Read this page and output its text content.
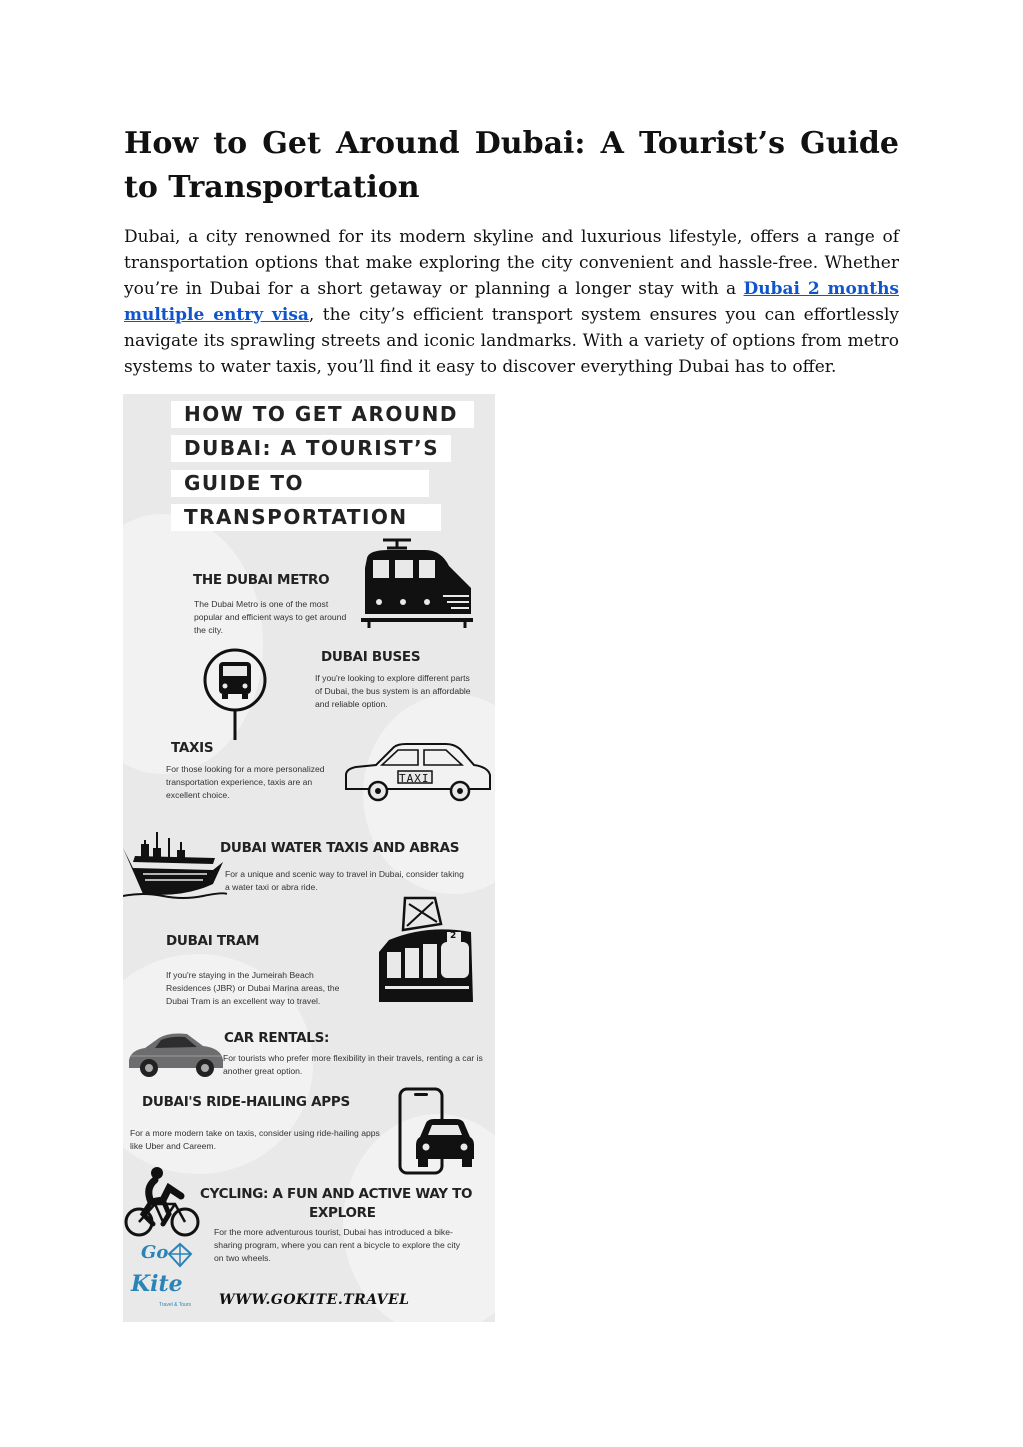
How to Get Around Dubai: A Tourist’s Guide to Transportation

Dubai, a city renowned for its modern skyline and luxurious lifestyle, offers a range of transportation options that make exploring the city convenient and hassle-free. Whether you’re in Dubai for a short getaway or planning a longer stay with a Dubai 2 months multiple entry visa, the city’s efficient transport system ensures you can effortlessly navigate its sprawling streets and iconic landmarks. With a variety of options from metro systems to water taxis, you’ll find it easy to discover everything Dubai has to offer.

HOW TO GET AROUND
DUBAI: A TOURIST’S
GUIDE TO
TRANSPORTATION
THE DUBAI METRO
The Dubai Metro is one of the most popular and efficient ways to get around the city.
DUBAI BUSES
If you're looking to explore different parts of Dubai, the bus system is an affordable and reliable option.
TAXIS
For those looking for a more personalized transportation experience, taxis are an excellent choice.
TAXI
DUBAI WATER TAXIS AND ABRAS
For a unique and scenic way to travel in Dubai, consider taking a water taxi or abra ride.
DUBAI TRAM
If you're staying in the Jumeirah Beach Residences (JBR) or Dubai Marina areas, the Dubai Tram is an excellent way to travel.
2
CAR RENTALS:
For tourists who prefer more flexibility in their travels, renting a car is another great option.
DUBAI'S RIDE-HAILING APPS
For a more modern take on taxis, consider using ride-hailing apps like Uber and Careem.
CYCLING: A FUN AND ACTIVE WAY TO
EXPLORE
For the more adventurous tourist, Dubai has introduced a bike-sharing program, where you can rent a bicycle to explore the city on two wheels.
Go
Kite
Travel & Tours WWW.GOKITE.TRAVEL
